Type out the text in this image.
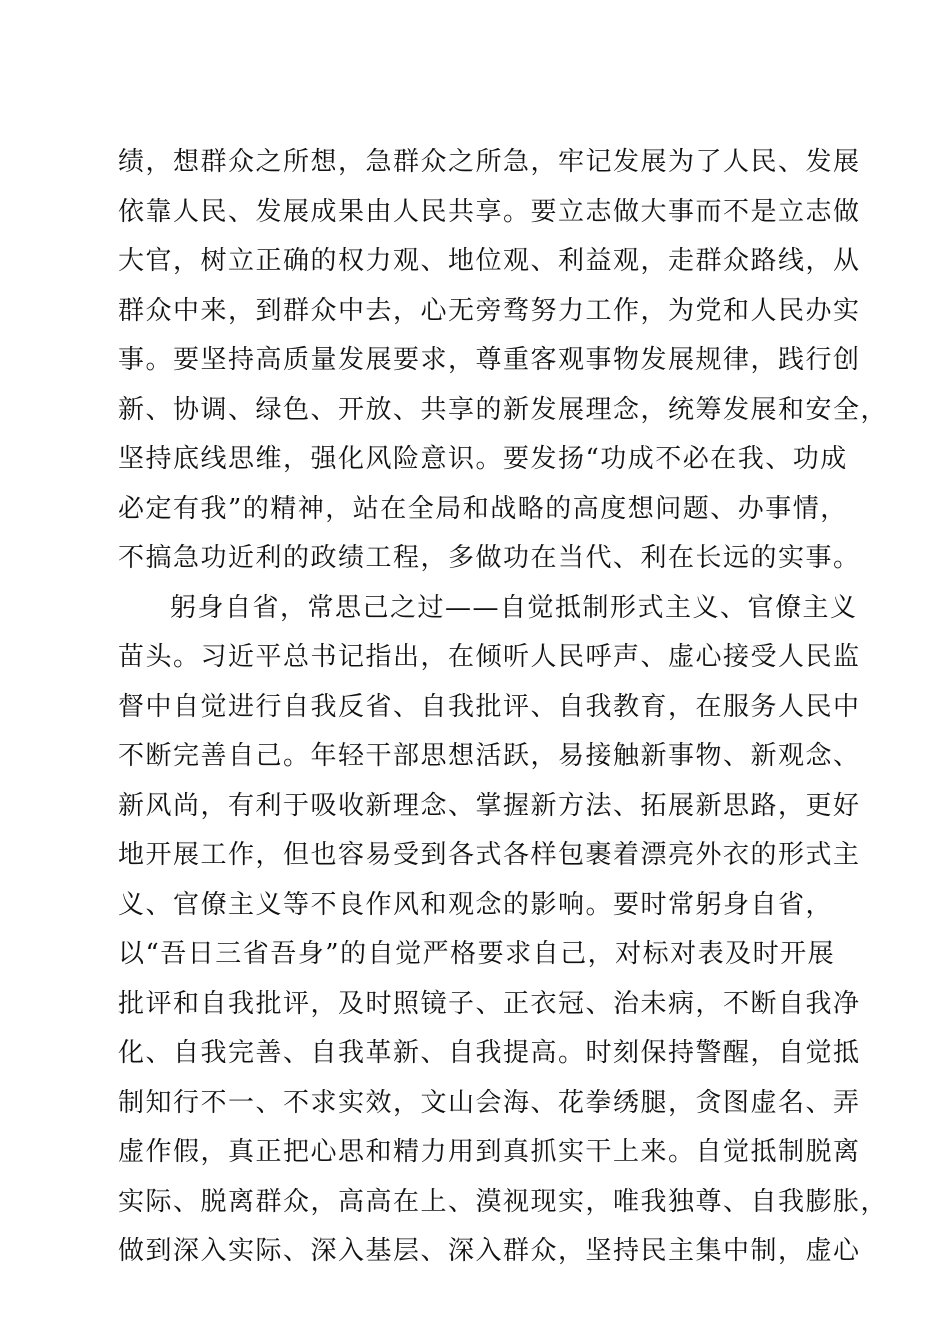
绩，想群众之所想，急群众之所急，牢记发展为了人民、发展
依靠人民、发展成果由人民共享。要立志做大事而不是立志做
大官，树立正确的权力观、地位观、利益观，走群众路线，从
群众中来，到群众中去，心无旁骛努力工作，为党和人民办实
事。要坚持高质量发展要求，尊重客观事物发展规律，践行创
新、协调、绿色、开放、共享的新发展理念，统筹发展和安全，
坚持底线思维，强化风险意识。要发扬“功成不必在我、功成
必定有我”的精神，站在全局和战略的高度想问题、办事情，
不搞急功近利的政绩工程，多做功在当代、利在长远的实事。
躬身自省，常思己之过——自觉抵制形式主义、官僚主义
苗头。习近平总书记指出，在倾听人民呼声、虚心接受人民监
督中自觉进行自我反省、自我批评、自我教育，在服务人民中
不断完善自己。年轻干部思想活跃，易接触新事物、新观念、
新风尚，有利于吸收新理念、掌握新方法、拓展新思路，更好
地开展工作，但也容易受到各式各样包裹着漂亮外衣的形式主
义、官僚主义等不良作风和观念的影响。要时常躬身自省，
以“吾日三省吾身”的自觉严格要求自己，对标对表及时开展
批评和自我批评，及时照镜子、正衣冠、治未病，不断自我净
化、自我完善、自我革新、自我提高。时刻保持警醒，自觉抵
制知行不一、不求实效，文山会海、花拳绣腿，贪图虚名、弄
虚作假，真正把心思和精力用到真抓实干上来。自觉抵制脱离
实际、脱离群众，高高在上、漠视现实，唯我独尊、自我膨胀，
做到深入实际、深入基层、深入群众，坚持民主集中制，虚心
